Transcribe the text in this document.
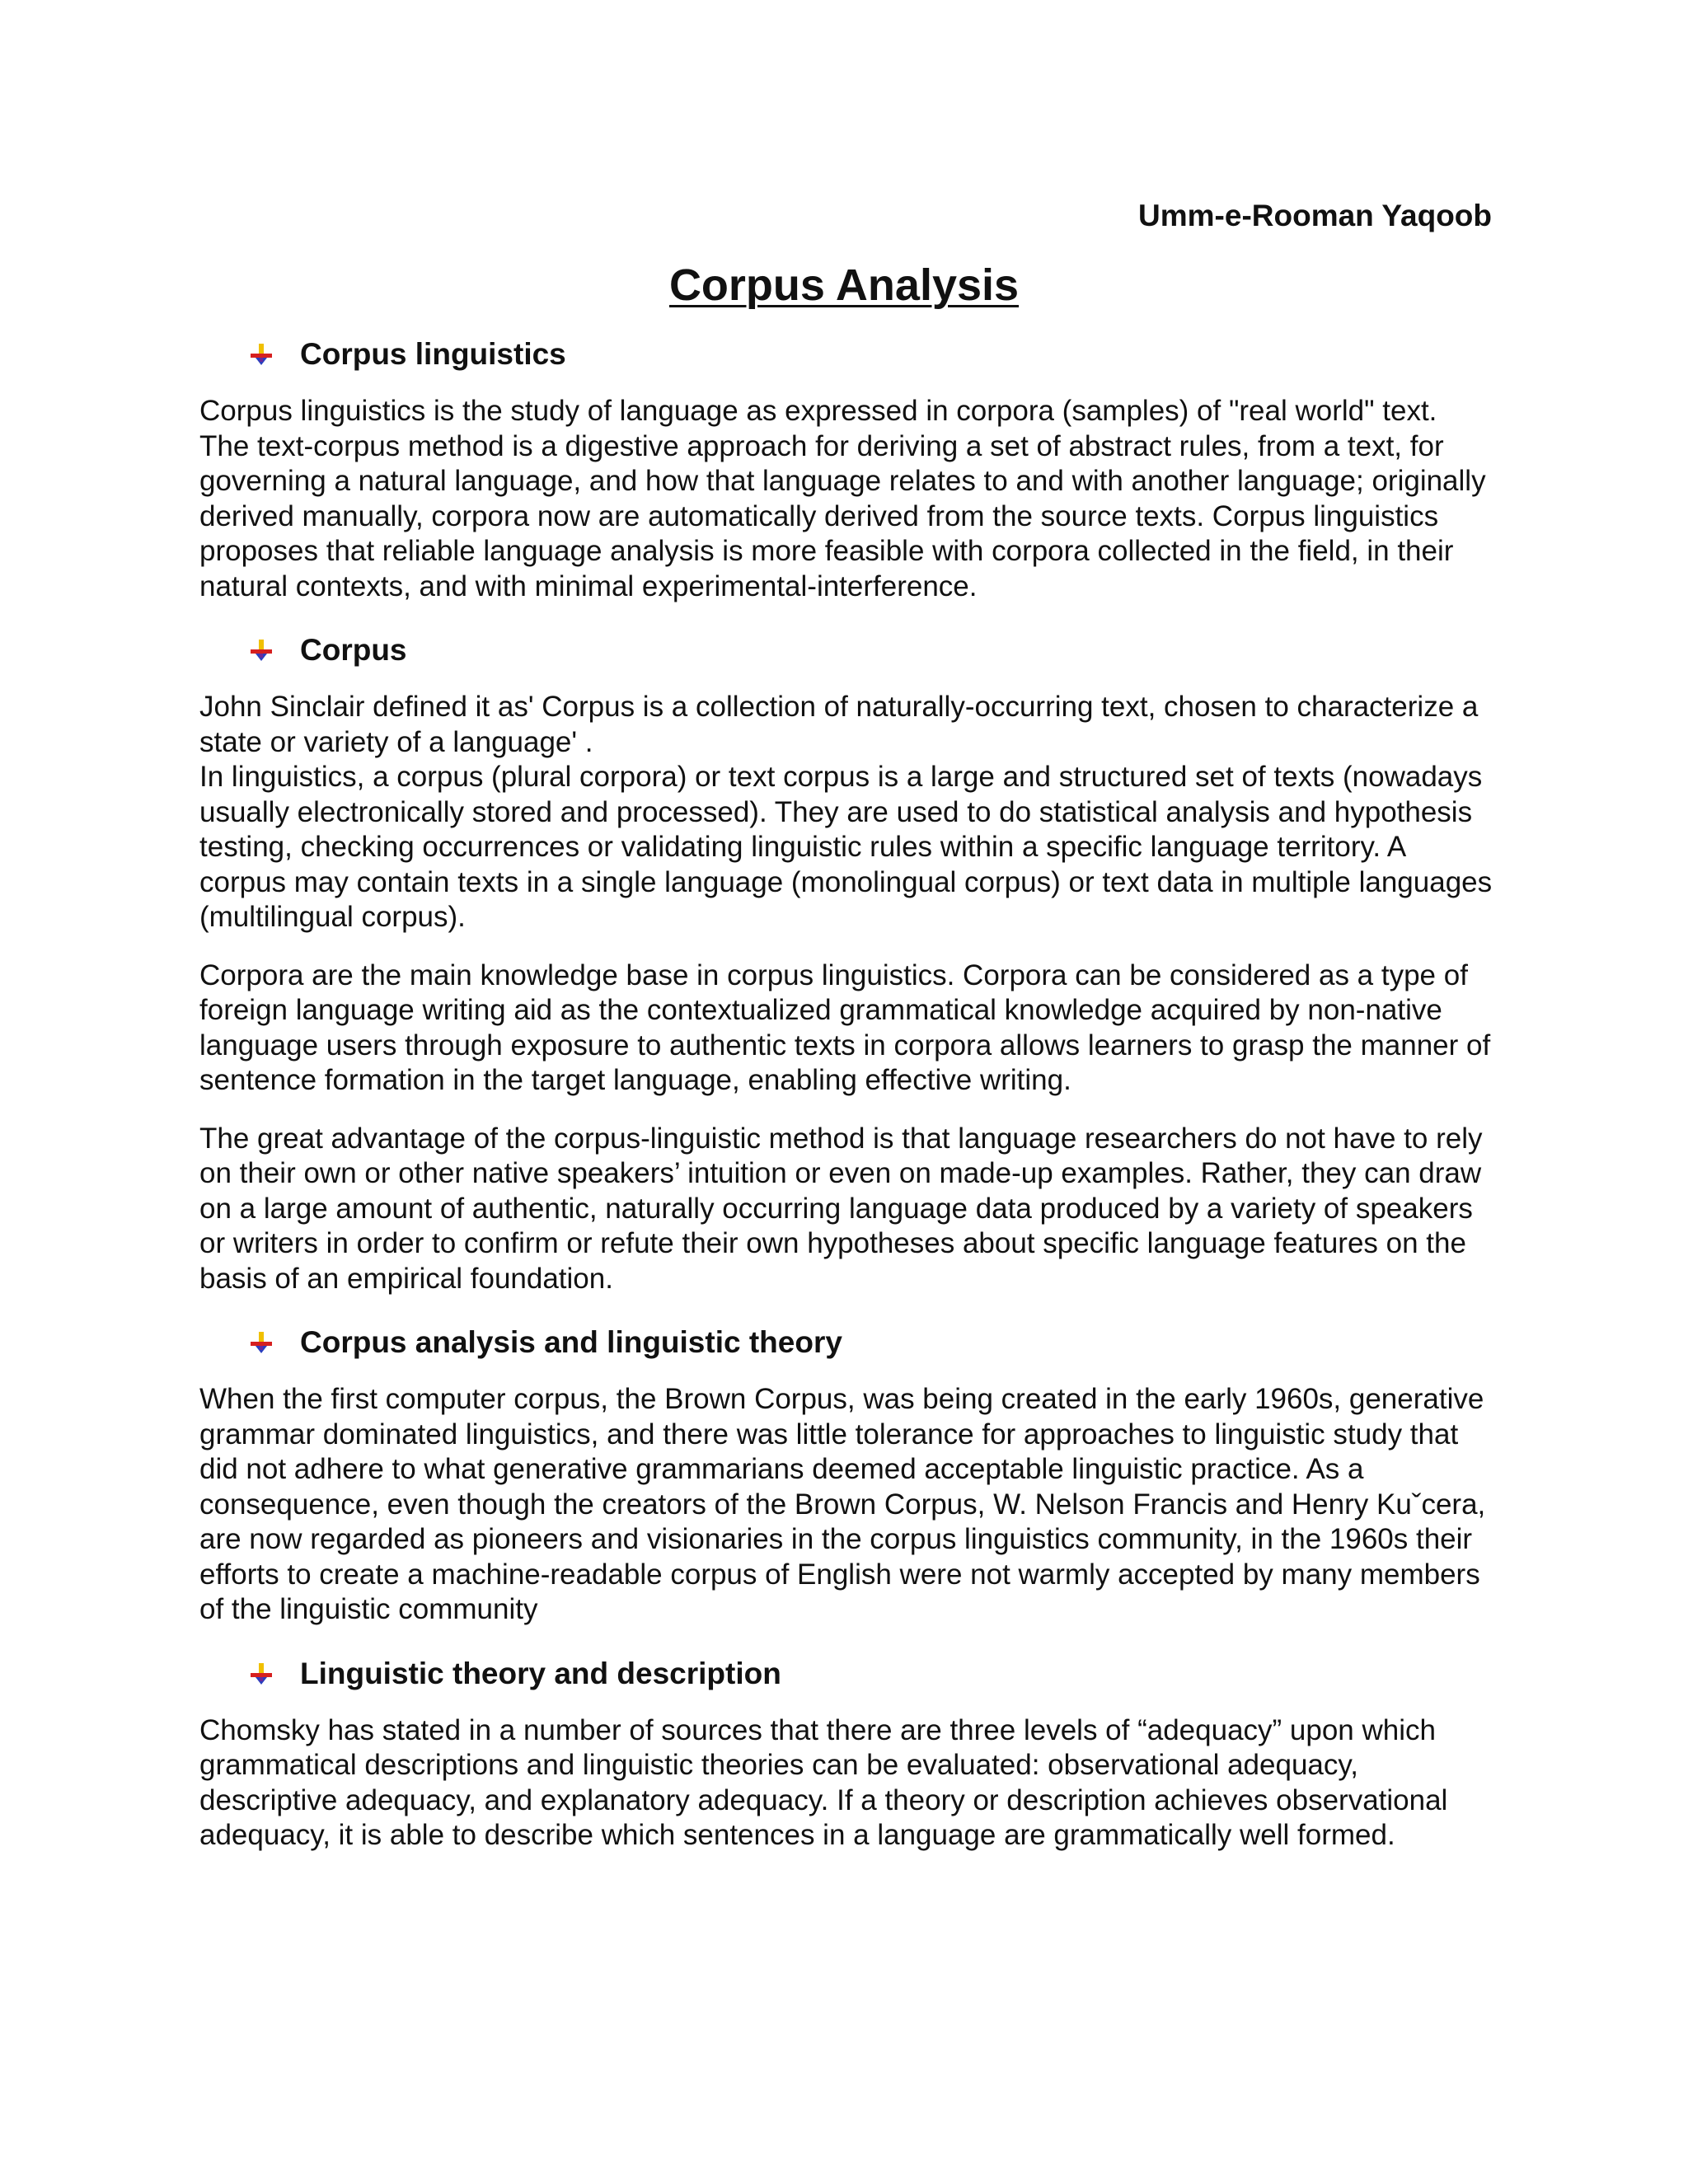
Umm-e-Rooman Yaqoob
Corpus Analysis
Corpus linguistics

Corpus linguistics is the study of language as expressed in corpora (samples) of "real world" text. The text-corpus method is a digestive approach for deriving a set of abstract rules, from a text, for governing a natural language, and how that language relates to and with another language; originally derived manually, corpora now are automatically derived from the source texts. Corpus linguistics proposes that reliable language analysis is more feasible with corpora collected in the field, in their natural contexts, and with minimal experimental-interference.

Corpus

John Sinclair defined it as' Corpus is a collection of naturally-occurring text, chosen to characterize a state or variety of a language' .

In linguistics, a corpus (plural corpora) or text corpus is a large and structured set of texts (nowadays usually electronically stored and processed). They are used to do statistical analysis and hypothesis testing, checking occurrences or validating linguistic rules within a specific language territory. A corpus may contain texts in a single language (monolingual corpus) or text data in multiple languages (multilingual corpus).

Corpora are the main knowledge base in corpus linguistics. Corpora can be considered as a type of foreign language writing aid as the contextualized grammatical knowledge acquired by non-native language users through exposure to authentic texts in corpora allows learners to grasp the manner of sentence formation in the target language, enabling effective writing.

The great advantage of the corpus-linguistic method is that language researchers do not have to rely on their own or other native speakers’ intuition or even on made-up examples. Rather, they can draw on a large amount of authentic, naturally occurring language data produced by a variety of speakers or writers in order to confirm or refute their own hypotheses about specific language features on the basis of an empirical foundation.

Corpus analysis and linguistic theory

When the first computer corpus, the Brown Corpus, was being created in the early 1960s, generative grammar dominated linguistics, and there was little tolerance for approaches to linguistic study that did not adhere to what generative grammarians deemed acceptable linguistic practice. As a consequence, even though the creators of the Brown Corpus, W. Nelson Francis and Henry Kuˇcera, are now regarded as pioneers and visionaries in the corpus linguistics community, in the 1960s their efforts to create a machine-readable corpus of English were not warmly accepted by many members of the linguistic community

Linguistic theory and description

Chomsky has stated in a number of sources that there are three levels of “adequacy” upon which grammatical descriptions and linguistic theories can be evaluated: observational adequacy, descriptive adequacy, and explanatory adequacy. If a theory or description achieves observational adequacy, it is able to describe which sentences in a language are grammatically well formed.
